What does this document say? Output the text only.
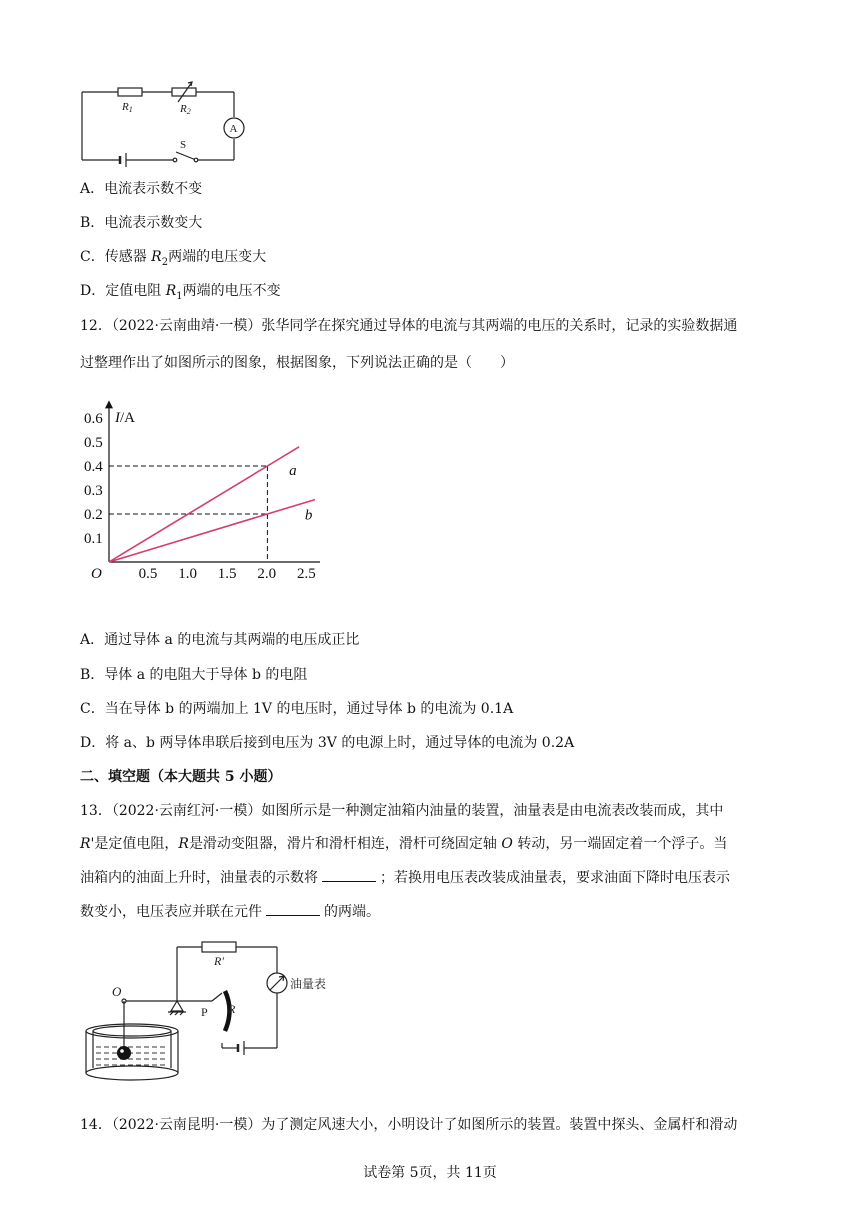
A
R1	R2
S
A．电流表示数不变
B．电流表示数变大
C．传感器 $R_2$两端的电压变大
D．定值电阻 $R_1$两端的电压不变
12．（2022·云南曲靖·一模）张华同学在探究通过导体的电流与其两端的电压的关系时，记录的实验数据通
过整理作出了如图所示的图象，根据图象，下列说法正确的是（　　）
0.1
0.2
0.3
0.4
0.5
0.6
0.5 1.0 1.5 2.0 2.5
O
I/A
a
b
A．通过导体 a 的电流与其两端的电压成正比
B．导体 a 的电阻大于导体 b 的电阻
C．当在导体 b 的两端加上 1V 的电压时，通过导体 b 的电流为 0.1A
D．将 a、b 两导体串联后接到电压为 3V 的电源上时，通过导体的电流为 0.2A
二、填空题（本大题共 5 小题）
13．（2022·云南红河·一模）如图所示是一种测定油箱内油量的装置，油量表是由电流表改装而成，其中
R'是定值电阻，R是滑动变阻器，滑片和滑杆相连，滑杆可绕固定轴 O 转动，另一端固定着一个浮子。当
油箱内的油面上升时，油量表的示数将	；若换用电压表改装成油量表，要求油面下降时电压表示
数变小，电压表应并联在元件	的两端。
R′
R
P
O	油量表
14．（2022·云南昆明·一模）为了测定风速大小，小明设计了如图所示的装置。装置中探头、金属杆和滑动
试卷第 5页，共 11页
